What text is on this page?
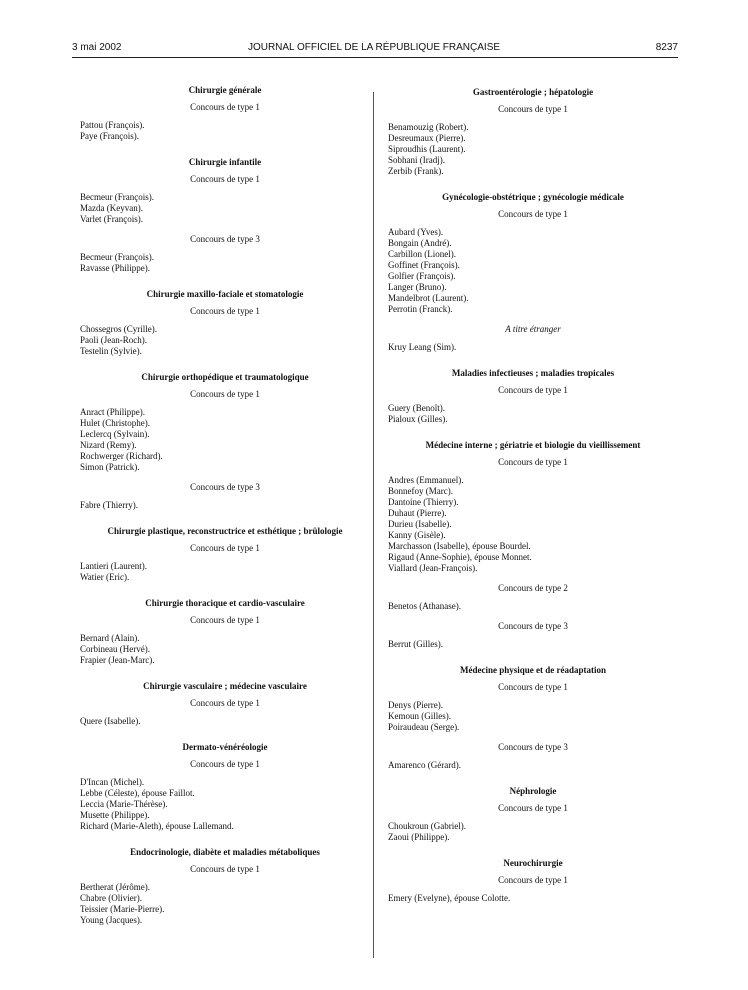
3 mai 2002	JOURNAL OFFICIEL DE LA RÉPUBLIQUE FRANÇAISE	8237

Chirurgie générale

Concours de type 1

Pattou (François).

Paye (François).

Chirurgie infantile

Concours de type 1

Becmeur (François).

Mazda (Keyvan).

Varlet (François).

Concours de type 3

Becmeur (François).

Ravasse (Philippe).

Chirurgie maxillo-faciale et stomatologie

Concours de type 1

Chossegros (Cyrille).

Paoli (Jean-Roch).

Testelin (Sylvie).

Chirurgie orthopédique et traumatologique

Concours de type 1

Anract (Philippe).

Hulet (Christophe).

Leclercq (Sylvain).

Nizard (Remy).

Rochwerger (Richard).

Simon (Patrick).

Concours de type 3

Fabre (Thierry).

Chirurgie plastique, reconstructrice et esthétique ; brûlologie

Concours de type 1

Lantieri (Laurent).

Watier (Eric).

Chirurgie thoracique et cardio-vasculaire

Concours de type 1

Bernard (Alain).

Corbineau (Hervé).

Frapier (Jean-Marc).

Chirurgie vasculaire ; médecine vasculaire

Concours de type 1

Quere (Isabelle).

Dermato-vénéréologie

Concours de type 1

D'Incan (Michel).

Lebbe (Céleste), épouse Faillot.

Leccia (Marie-Thérèse).

Musette (Philippe).

Richard (Marie-Aleth), épouse Lallemand.

Endocrinologie, diabète et maladies métaboliques

Concours de type 1

Bertherat (Jérôme).

Chabre (Olivier).

Teissier (Marie-Pierre).

Young (Jacques).

Gastroentérologie ; hépatologie

Concours de type 1

Benamouzig (Robert).

Desreumaux (Pierre).

Siproudhis (Laurent).

Sobhani (Iradj).

Zerbib (Frank).

Gynécologie-obstétrique ; gynécologie médicale

Concours de type 1

Aubard (Yves).

Bongain (André).

Carbillon (Lionel).

Goffinet (François).

Golfier (François).

Langer (Bruno).

Mandelbrot (Laurent).

Perrotin (Franck).

A titre étranger

Kruy Leang (Sim).

Maladies infectieuses ; maladies tropicales

Concours de type 1

Guery (Benoît).

Pialoux (Gilles).

Médecine interne ; gériatrie et biologie du vieillissement

Concours de type 1

Andres (Emmanuel).

Bonnefoy (Marc).

Dantoine (Thierry).

Duhaut (Pierre).

Durieu (Isabelle).

Kanny (Gisèle).

Marchasson (Isabelle), épouse Bourdel.

Rigaud (Anne-Sophie), épouse Monnet.

Viallard (Jean-François).

Concours de type 2

Benetos (Athanase).

Concours de type 3

Berrut (Gilles).

Médecine physique et de réadaptation

Concours de type 1

Denys (Pierre).

Kemoun (Gilles).

Poiraudeau (Serge).

Concours de type 3

Amarenco (Gérard).

Néphrologie

Concours de type 1

Choukroun (Gabriel).

Zaoui (Philippe).

Neurochirurgie

Concours de type 1

Emery (Evelyne), épouse Colotte.
